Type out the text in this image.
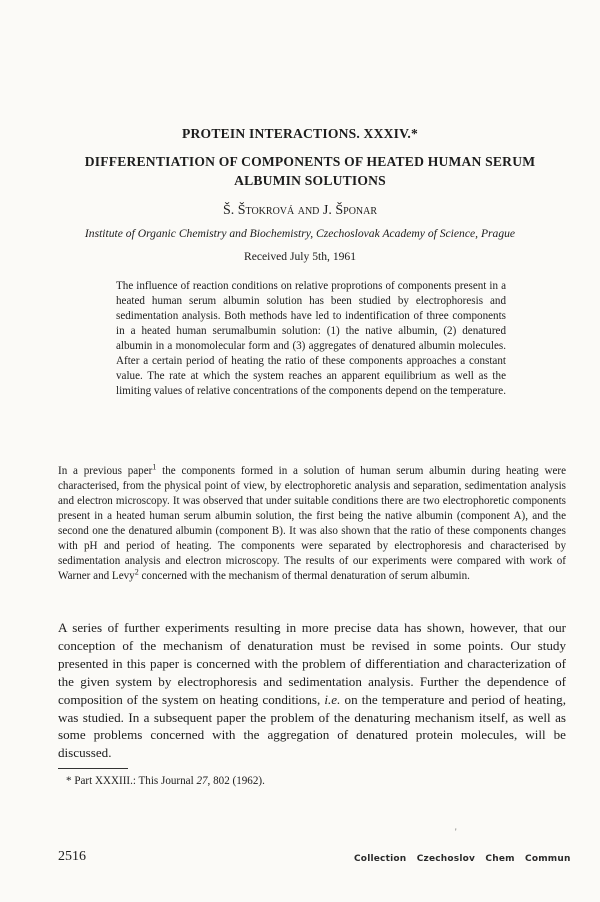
PROTEIN INTERACTIONS. XXXIV.*
DIFFERENTIATION OF COMPONENTS OF HEATED HUMAN SERUM
ALBUMIN SOLUTIONS
Š. Štokrová and J. Šponar
Institute of Organic Chemistry and Biochemistry, Czechoslovak Academy of Science, Prague
Received July 5th, 1961
The influence of reaction conditions on relative proprotions of components present in a heated human serum albumin solution has been studied by electrophoresis and sedimentation analysis. Both methods have led to indentification of three components in a heated human serumalbumin solution: (1) the native albumin, (2) denatured albumin in a monomolecular form and (3) aggregates of denatured albumin molecules. After a certain period of heating the ratio of these components approaches a constant value. The rate at which the system reaches an apparent equilibrium as well as the limiting values of relative concentrations of the components depend on the temperature.
In a previous paper$^1$ the components formed in a solution of human serum albumin during heating were characterised, from the physical point of view, by electrophoretic analysis and separation, sedimentation analysis and electron microscopy. It was observed that under suitable conditions there are two electrophoretic components present in a heated human serum albumin solution, the first being the native albumin (component A), and the second one the denatured albumin (component B). It was also shown that the ratio of these components changes with pH and period of heating. The components were separated by electrophoresis and characterised by sedimentation analysis and electron microscopy. The results of our experiments were compared with work of Warner and Levy$^2$ concerned with the mechanism of thermal denaturation of serum albumin.
A series of further experiments resulting in more precise data has shown, however, that our conception of the mechanism of denaturation must be revised in some points. Our study presented in this paper is concerned with the problem of differentiation and characterization of the given system by electrophoresis and sedimentation analysis. Further the dependence of composition of the system on heating conditions, i.e. on the temperature and period of heating, was studied. In a subsequent paper the problem of the denaturing mechanism itself, as well as some problems concerned with the aggregation of denatured protein molecules, will be discussed.
* Part XXXIII.: This Journal 27, 802 (1962).
'
2516	Collection Czechoslov Chem Commun
